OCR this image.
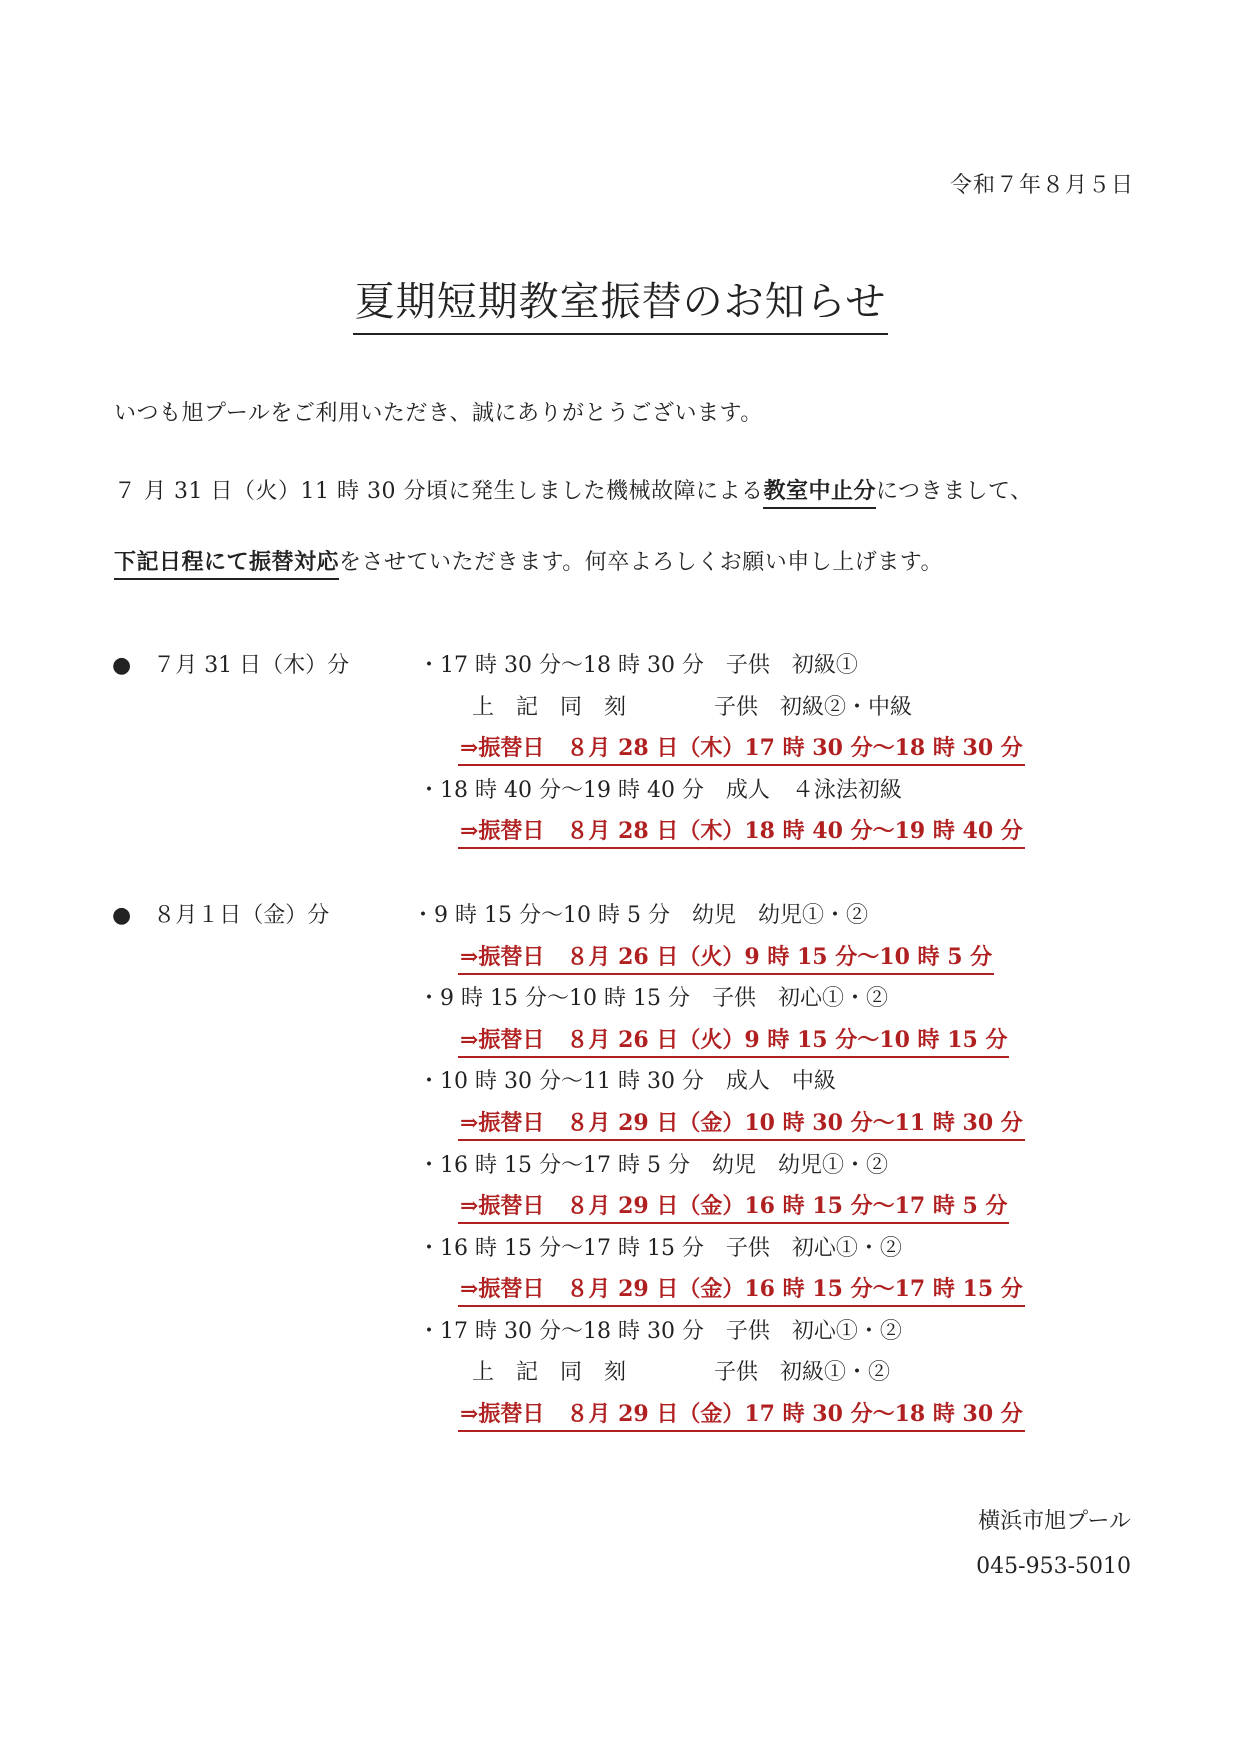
令和７年８月５日
夏期短期教室振替のお知らせ
いつも旭プールをご利用いただき、誠にありがとうございます。
７ 月 31 日（火）11 時 30 分頃に発生しました機械故障による教室中止分につきまして、
下記日程にて振替対応をさせていただきます。何卒よろしくお願い申し上げます。
●　７月 31 日（木）分	・17 時 30 分～18 時 30 分　子供　初級①
上　記　同　刻　　　　子供　初級②・中級
⇒振替日　８月 28 日（木）17 時 30 分～18 時 30 分
・18 時 40 分～19 時 40 分　成人　４泳法初級
⇒振替日　８月 28 日（木）18 時 40 分～19 時 40 分
●　８月１日（金）分	・9 時 15 分～10 時 5 分　幼児　幼児①・②
⇒振替日　８月 26 日（火）9 時 15 分～10 時 5 分
・9 時 15 分～10 時 15 分　子供　初心①・②
⇒振替日　８月 26 日（火）9 時 15 分～10 時 15 分
・10 時 30 分～11 時 30 分　成人　中級
⇒振替日　８月 29 日（金）10 時 30 分～11 時 30 分
・16 時 15 分～17 時 5 分　幼児　幼児①・②
⇒振替日　８月 29 日（金）16 時 15 分～17 時 5 分
・16 時 15 分～17 時 15 分　子供　初心①・②
⇒振替日　８月 29 日（金）16 時 15 分～17 時 15 分
・17 時 30 分～18 時 30 分　子供　初心①・②
上　記　同　刻　　　　子供　初級①・②
⇒振替日　８月 29 日（金）17 時 30 分～18 時 30 分
横浜市旭プール
045-953-5010
